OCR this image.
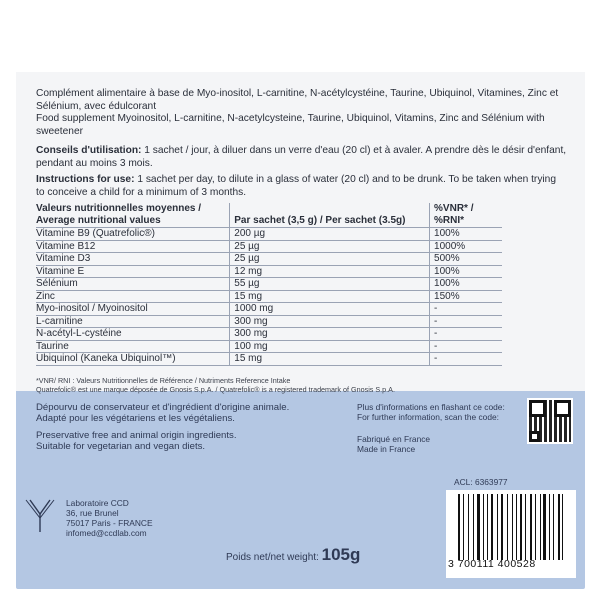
Complément alimentaire à base de Myo-inositol, L-carnitine, N-acétylcystéine, Taurine, Ubiquinol, Vitamines, Zinc et Sélénium, avec édulcorant

Food supplement Myoinositol, L-carnitine, N-acetylcysteine, Taurine, Ubiquinol, Vitamins, Zinc and Sélénium with sweetener

Conseils d'utilisation: 1 sachet / jour, à diluer dans un verre d'eau (20 cl) et à avaler. A prendre dès le désir d'enfant, pendant au moins 3 mois.

Instructions for use: 1 sachet per day, to dilute in a glass of water (20 cl) and to be drunk. To be taken when trying to conceive a child for a minimum of 3 months.

Valeurs nutritionnelles moyennes / Average nutritional values	Par sachet (3,5 g) / Per sachet (3.5g)	%VNR* / %RNI*
Vitamine B9 (Quatrefolic®)	200 µg	100%
Vitamine B12	25 µg	1000%
Vitamine D3	25 µg	500%
Vitamine E	12 mg	100%
Sélénium	55 µg	100%
Zinc	15 mg	150%
Myo-inositol / Myoinositol	1000 mg	-
L-carnitine	300 mg	-
N-acétyl-L-cystéine	300 mg	-
Taurine	100 mg	-
Ubiquinol (Kaneka Ubiquinol™)	15 mg	-

*VNR/ RNI : Valeurs Nutritionnelles de Référence / Nutriments Reference Intake

Quatrefolic® est une marque déposée de Gnosis S.p.A. / Quatrefolic® is a registered trademark of Gnosis S.p.A.

Dépourvu de conservateur et d'ingrédient d'origine animale.

Adapté pour les végétariens et les végétaliens.

Preservative free and animal origin ingredients.

Suitable for vegetarian and vegan diets.

Plus d'informations en flashant ce code:

For further information, scan the code:

Fabriqué en France

Made in France

ACL: 6363977

Laboratoire CCD

36, rue Brunel

75017 Paris - FRANCE

infomed@ccdlab.com

Poids net/net weight: 105g	3 700111 400528
